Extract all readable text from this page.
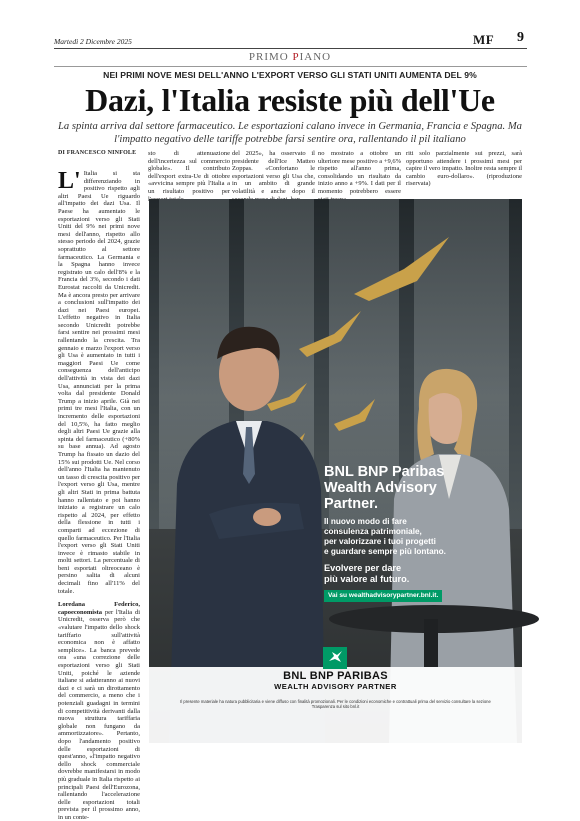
Martedì 2 Dicembre 2025	MF 9
PRIMO PIANO
NEI PRIMI NOVE MESI DELL'ANNO L'EXPORT VERSO GLI STATI UNITI AUMENTA DEL 9%
Dazi, l'Italia resiste più dell'Ue
La spinta arriva dal settore farmaceutico. Le esportazioni calano invece in Germania, Francia e Spagna. Ma l'impatto negativo delle tariffe potrebbe farsi sentire ora, rallentando il pil italiano
DI FRANCESCO NINFOLE

L' Italia si sta differenziando in positivo rispetto agli altri Paesi Ue riguardo all'impatto dei dazi Usa. Il Paese ha aumentato le esportazioni verso gli Stati Uniti del 9% nei primi nove mesi dell'anno, rispetto allo stesso periodo del 2024, grazie soprattutto al settore farmaceutico. La Germania e la Spagna hanno invece registrato un calo dell'8% e la Francia del 3%, secondo i dati Eurostat raccolti da Unicredit. Ma è ancora presto per arrivare a conclusioni sull'impatto dei dazi nei Paesi europei. L'effetto negativo in Italia secondo Unicredit potrebbe farsi sentire nei prossimi mesi rallentando la crescita. Tra gennaio e marzo l'export verso gli Usa è aumentato in tutti i maggiori Paesi Ue come conseguenza dell'anticipo dell'attività in vista dei dazi Usa, annunciati per la prima volta dal presidente Donald Trump a inizio aprile. Già nei primi tre mesi l'Italia, con un incremento delle esportazioni del 10,5%, ha fatto meglio degli altri Paesi Ue grazie alla spinta del farmaceutico (+80% su base annua). Ad agosto Trump ha fissato un dazio del 15% sui prodotti Ue. Nel corso dell'anno l'Italia ha mantenuto un tasso di crescita positivo per l'export verso gli Usa, mentre gli altri Stati in prima battuta hanno rallentato e poi hanno iniziato a registrare un calo rispetto al 2024, per effetto della flessione in tutti i comparti ad eccezione di quello farmaceutico. Per l'Italia l'export verso gli Stati Uniti invece è rimasto stabile in molti settori. La percentuale di beni esportati oltreoceano è persino salita di alcuni decimali fino all'11% del totale.

Loredana Federico, capoeconomista per l'Italia di Unicredit, osserva però che «valutare l'impatto dello shock tariffario sull'attività economica non è affatto semplice». La banca prevede ora «una correzione delle esportazioni verso gli Stati Uniti, poiché le aziende italiane si adatteranno ai nuovi dazi e ci sarà un dirottamento del commercio, a meno che i potenziali guadagni in termini di competitività derivanti dalla nuova struttura tariffaria globale non fungano da ammortizzatore». Pertanto, dopo l'andamento positivo delle esportazioni di quest'anno, «l'impatto negativo dello shock commerciale dovrebbe manifestarsi in modo più graduale in Italia rispetto ai principali Paesi dell'Eurozona, rallentando l'accelerazione delle esportazioni totali prevista per il prossimo anno, in un conte-

sto di attenuazione dell'incertezza sul commercio globale». Il contributo dell'export extra-Ue di ottobre «avvicina sempre più l'Italia a un risultato positivo per
del 2025», ha osservato il presidente dell'Ice Matteo Zoppas. «Confortano le esportazioni verso gli Usa che, in un ambito di grande volatilità e anche dopo il
no mostrato a ottobre un ulteriore mese positivo a +9,6% rispetto all'anno prima, consolidando un risultato da inizio anno a +9%. I dati per il momento potrebbero essere
riti solo parzialmente sui prezzi, sarà opportuno attendere i prossimi mesi per capire il vero impatto. Inoltre resta sempre il cambio euro-dollaro». (riproduzione riservata)
BNL BNP Paribas
Wealth Advisory
Partner.
Il nuovo modo di fare
consulenza patrimoniale,
per valorizzare i tuoi progetti
e guardare sempre più lontano.
Evolvere per dare
più valore al futuro.
Vai su wealthadvisorypartner.bnl.it.
BNL BNP PARIBAS
WEALTH ADVISORY PARTNER
Il presente materiale ha natura pubblicitaria e viene diffuso con finalità promozionali. Per le condizioni economiche e contrattuali prima del servizio consultare la sezione Trasparenza sul sito bnl.it
